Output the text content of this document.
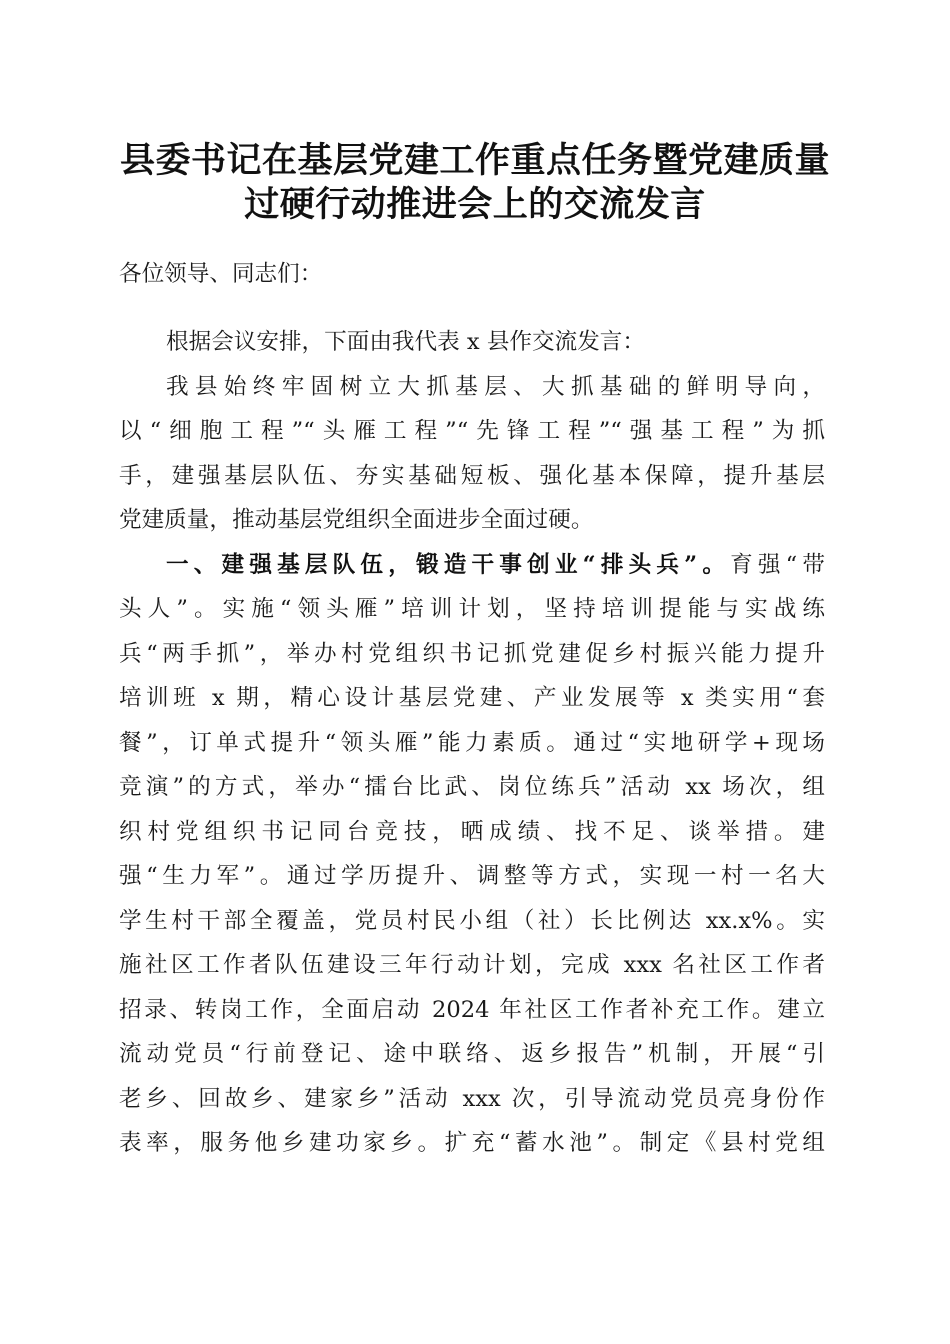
县委书记在基层党建工作重点任务暨党建质量
过硬行动推进会上的交流发言
各位领导、同志们：
根据会议安排，下面由我代表 x 县作交流发言：
我县始终牢固树立大抓基层、大抓基础的鲜明导向，
以“细胞工程”“头雁工程”“先锋工程”“强基工程”为抓
手，建强基层队伍、夯实基础短板、强化基本保障，提升基层
党建质量，推动基层党组织全面进步全面过硬。
一、建强基层队伍，锻造干事创业“排头兵”。育强“带
头人”。实施“领头雁”培训计划，坚持培训提能与实战练
兵“两手抓”，举办村党组织书记抓党建促乡村振兴能力提升
培训班 x 期，精心设计基层党建、产业发展等 x 类实用“套
餐”，订单式提升“领头雁”能力素质。通过“实地研学+现场
竞演”的方式，举办“擂台比武、岗位练兵”活动 xx 场次，组
织村党组织书记同台竞技，晒成绩、找不足、谈举措。建
强“生力军”。通过学历提升、调整等方式，实现一村一名大
学生村干部全覆盖，党员村民小组（社）长比例达 xx.x%。实
施社区工作者队伍建设三年行动计划，完成 xxx 名社区工作者
招录、转岗工作，全面启动 2024 年社区工作者补充工作。建立
流动党员“行前登记、途中联络、返乡报告”机制，开展“引
老乡、回故乡、建家乡”活动 xxx 次，引导流动党员亮身份作
表率，服务他乡建功家乡。扩充“蓄水池”。制定《县村党组
